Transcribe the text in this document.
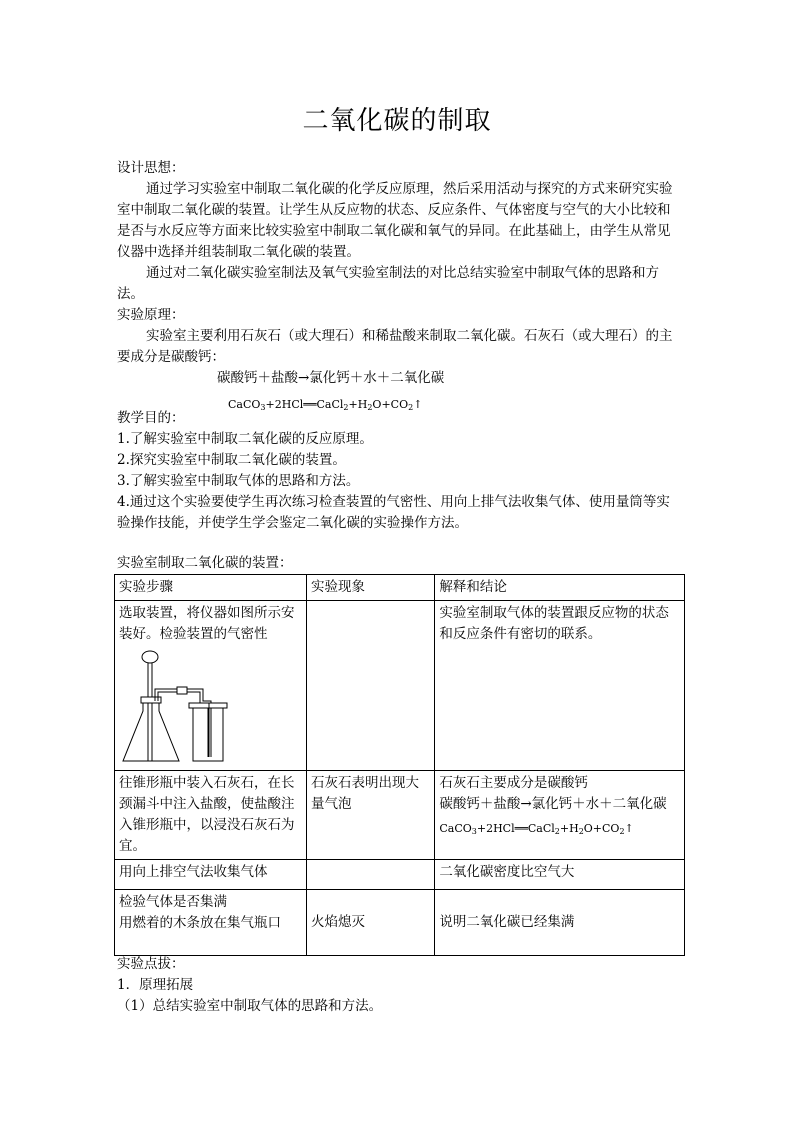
二氧化碳的制取
设计思想：
通过学习实验室中制取二氧化碳的化学反应原理，然后采用活动与探究的方式来研究实验室中制取二氧化碳的装置。让学生从反应物的状态、反应条件、气体密度与空气的大小比较和是否与水反应等方面来比较实验室中制取二氧化碳和氧气的异同。在此基础上，由学生从常见仪器中选择并组装制取二氧化碳的装置。
通过对二氧化碳实验室制法及氧气实验室制法的对比总结实验室中制取气体的思路和方法。
实验原理：
实验室主要利用石灰石（或大理石）和稀盐酸来制取二氧化碳。石灰石（或大理石）的主要成分是碳酸钙：
碳酸钙＋盐酸→氯化钙＋水＋二氧化碳
$CaCO_3+2HCl══CaCl_2+H_2O+CO_2↑$
教学目的：
1.了解实验室中制取二氧化碳的反应原理。
2.探究实验室中制取二氧化碳的装置。
3.了解实验室中制取气体的思路和方法。
4.通过这个实验要使学生再次练习检查装置的气密性、用向上排气法收集气体、使用量筒等实验操作技能，并使学生学会鉴定二氧化碳的实验操作方法。
实验室制取二氧化碳的装置：
实验步骤	实验现象	解释和结论

选取装置，将仪器如图所示安装好。检验装置的气密性		实验室制取气体的装置跟反应物的状态和反应条件有密切的联系。
往锥形瓶中装入石灰石，在长颈漏斗中注入盐酸，使盐酸注入锥形瓶中，以浸没石灰石为宜。	石灰石表明出现大量气泡	石灰石主要成分是碳酸钙
碳酸钙＋盐酸→氯化钙＋水＋二氧化碳
$CaCO_3+2HCl══CaCl_2+H_2O+CO_2↑$

用向上排空气法收集气体		二氧化碳密度比空气大

检验气体是否集满
用燃着的木条放在集气瓶口	火焰熄灭	说明二氧化碳已经集满
实验点拔：
1．原理拓展
（1）总结实验室中制取气体的思路和方法。
